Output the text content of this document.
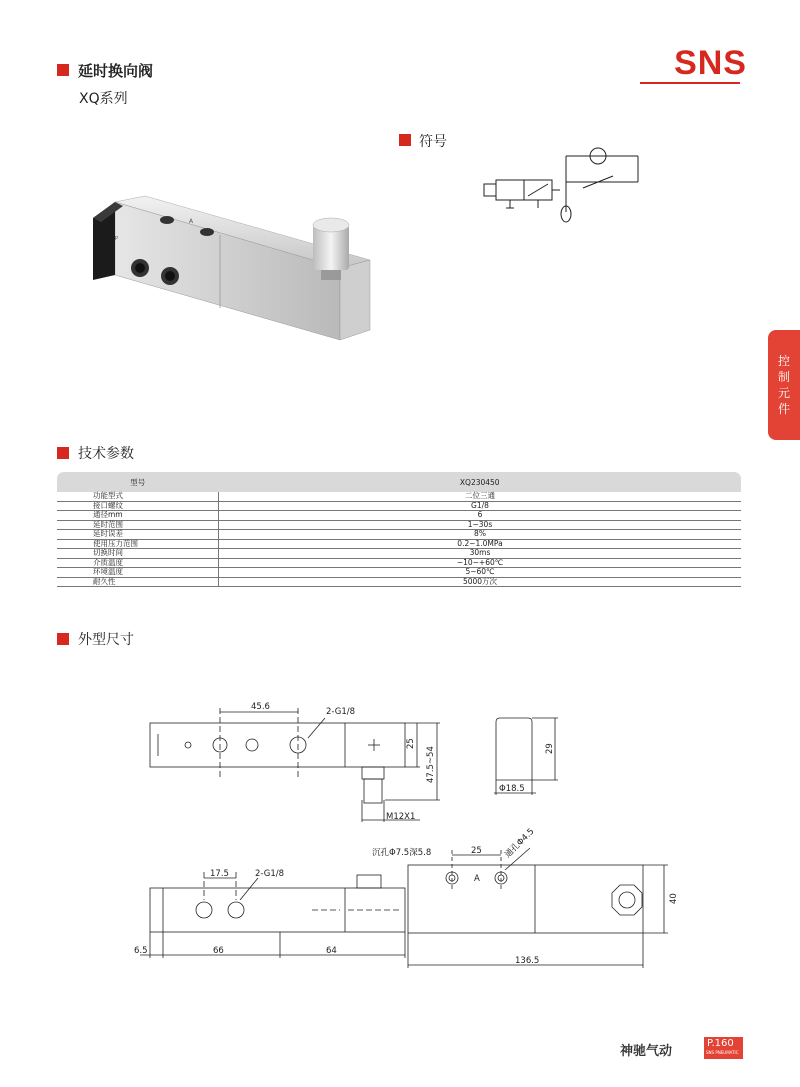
延时换向阀
XQ系列
SNS
控
制
元
件
A
P
符号
技术参数
型号	XQ230450
功能型式	二位三通
接口螺纹	G1/8
通径mm	6
延时范围	1~30s
延时误差	8%
使用压力范围	0.2~1.0MPa
切换时间	30ms
介质温度	−10~+60℃
环境温度	5~60℃
耐久性	5000万次
外型尺寸
45.6	2-G1/8
25
47.5~54
M12X1
29
Φ18.5
17.5	2-G1/8
6.5	66	64
沉孔Φ7.5深5.8	25 通孔Φ4.5
A
40
136.5
神驰气动
P.160
SNS PNEUMATIC
